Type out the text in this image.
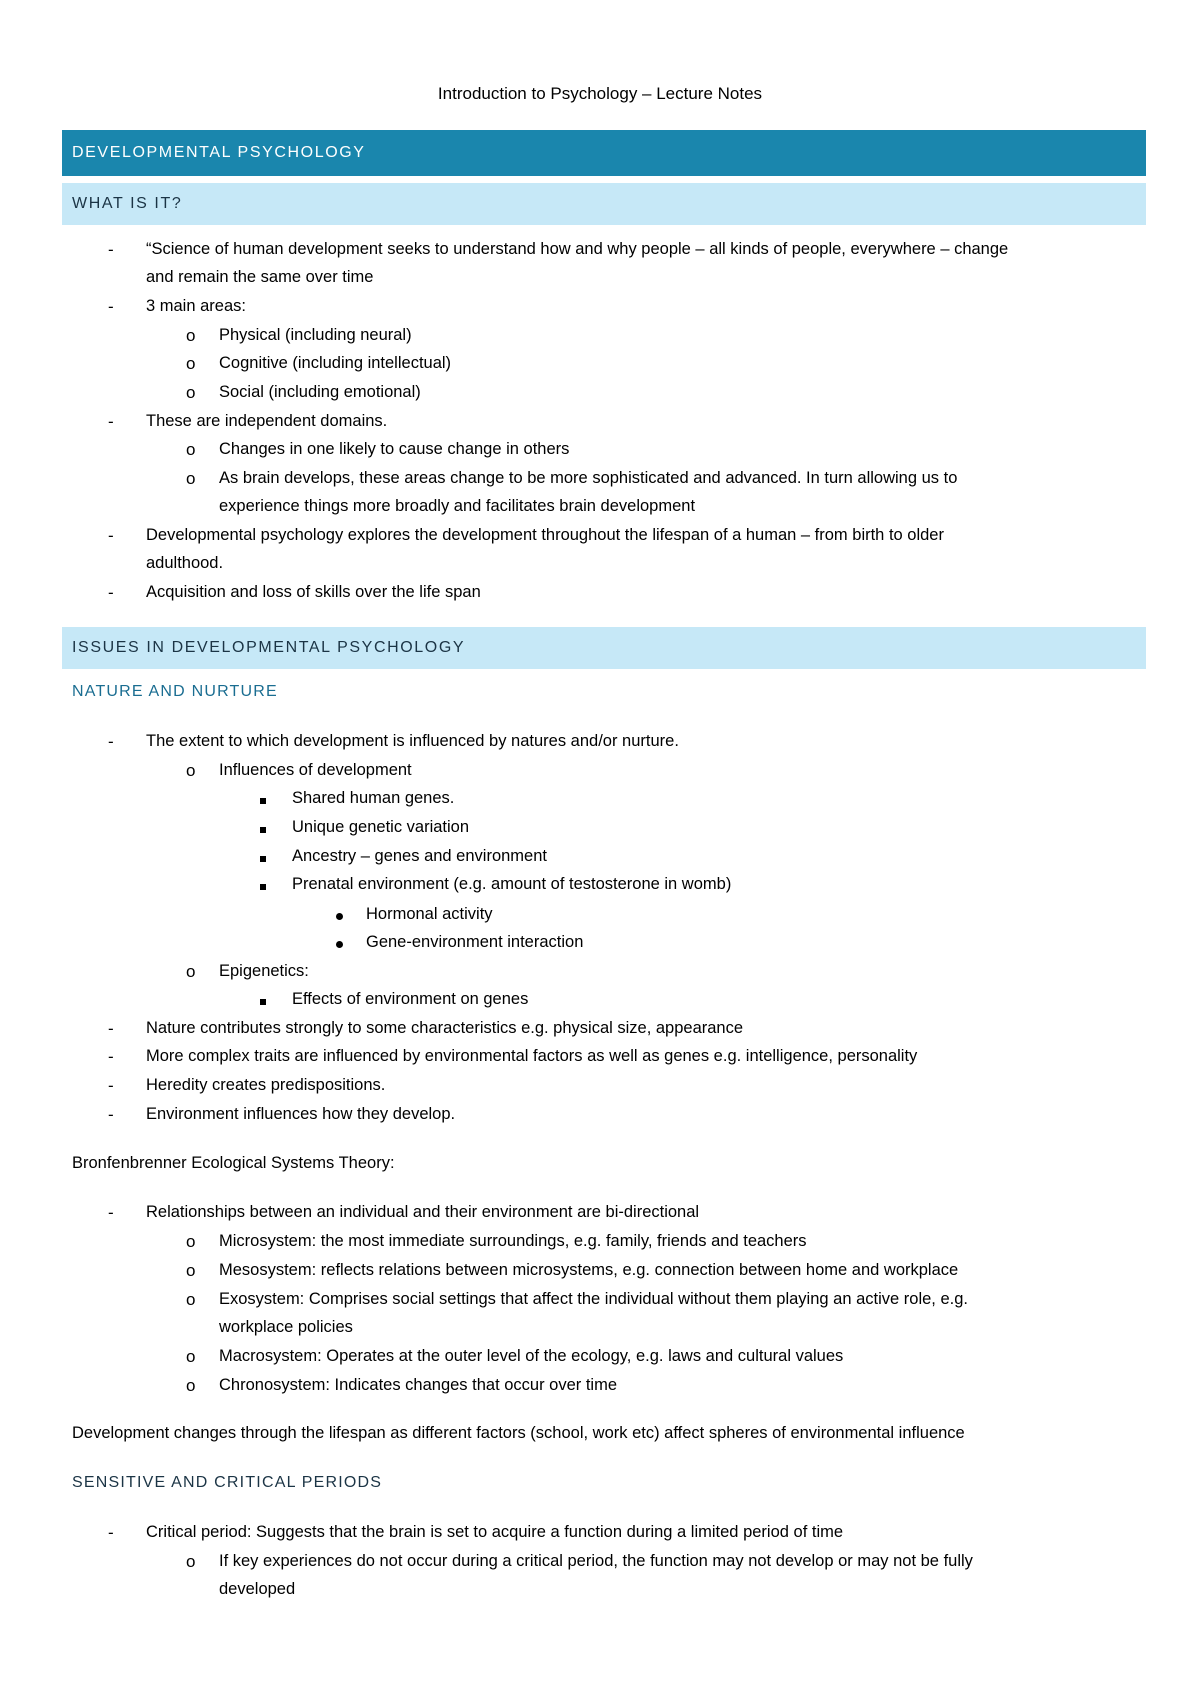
Introduction to Psychology – Lecture Notes
DEVELOPMENTAL PSYCHOLOGY
WHAT IS IT?
- “Science of human development seeks to understand how and why people – all kinds of people, everywhere – change
and remain the same over time
- 3 main areas:
o Physical (including neural)
o Cognitive (including intellectual)
o Social (including emotional)
- These are independent domains.
o Changes in one likely to cause change in others
o As brain develops, these areas change to be more sophisticated and advanced. In turn allowing us to
experience things more broadly and facilitates brain development
- Developmental psychology explores the development throughout the lifespan of a human – from birth to older
adulthood.
- Acquisition and loss of skills over the life span
ISSUES IN DEVELOPMENTAL PSYCHOLOGY
NATURE AND NURTURE
- The extent to which development is influenced by natures and/or nurture.
o Influences of development
Shared human genes.
Unique genetic variation
Ancestry – genes and environment
Prenatal environment (e.g. amount of testosterone in womb)
Hormonal activity
Gene-environment interaction
o Epigenetics:
Effects of environment on genes
- Nature contributes strongly to some characteristics e.g. physical size, appearance
- More complex traits are influenced by environmental factors as well as genes e.g. intelligence, personality
- Heredity creates predispositions.
- Environment influences how they develop.
Bronfenbrenner Ecological Systems Theory:
- Relationships between an individual and their environment are bi-directional
o Microsystem: the most immediate surroundings, e.g. family, friends and teachers
o Mesosystem: reflects relations between microsystems, e.g. connection between home and workplace
o Exosystem: Comprises social settings that affect the individual without them playing an active role, e.g.
workplace policies
o Macrosystem: Operates at the outer level of the ecology, e.g. laws and cultural values
o Chronosystem: Indicates changes that occur over time
Development changes through the lifespan as different factors (school, work etc) affect spheres of environmental influence
SENSITIVE AND CRITICAL PERIODS
- Critical period: Suggests that the brain is set to acquire a function during a limited period of time
o If key experiences do not occur during a critical period, the function may not develop or may not be fully
developed
